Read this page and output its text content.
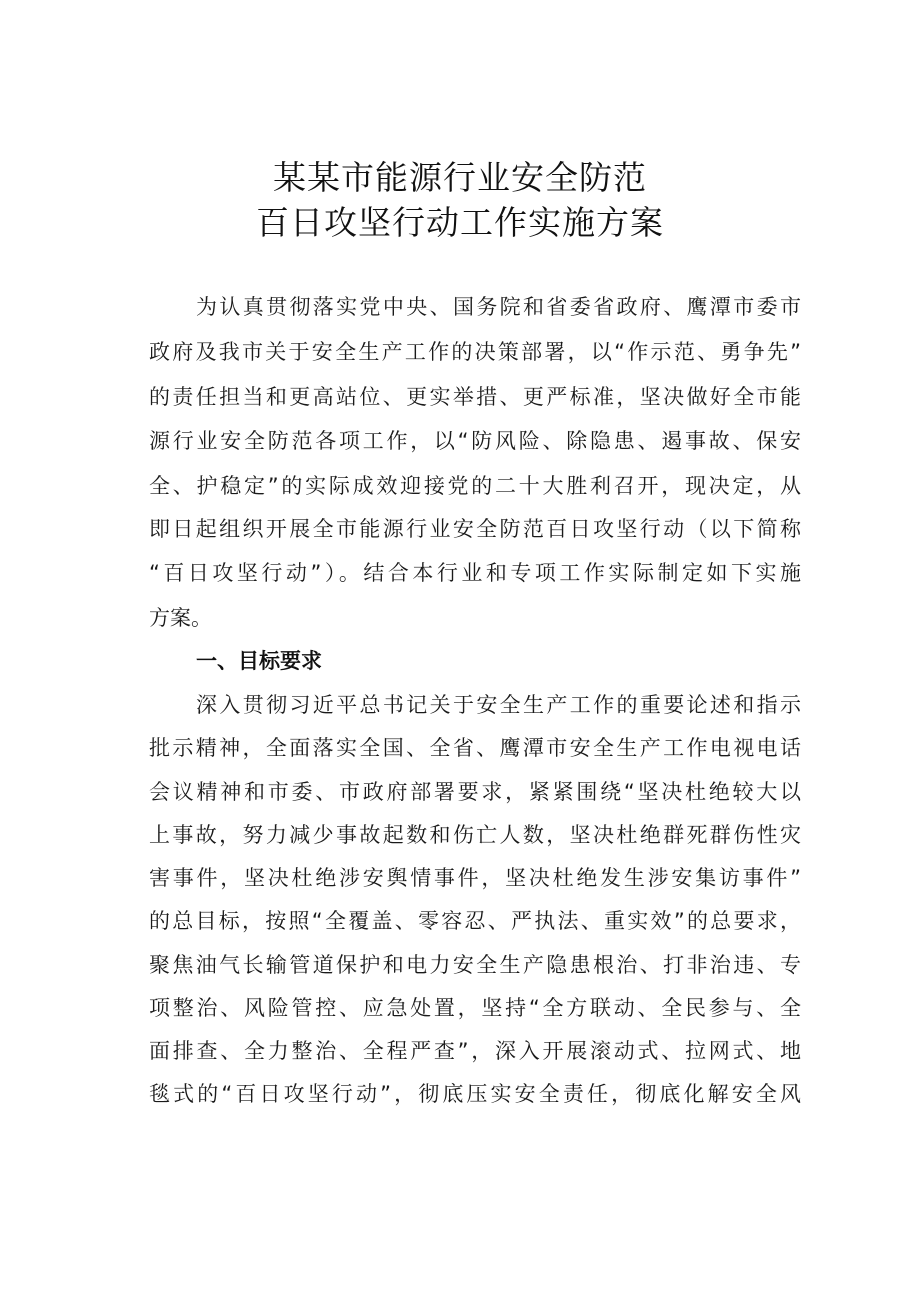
某某市能源行业安全防范
百日攻坚行动工作实施方案
为认真贯彻落实党中央、国务院和省委省政府、鹰潭市委市
政府及我市关于安全生产工作的决策部署，以“作示范、勇争先”
的责任担当和更高站位、更实举措、更严标准，坚决做好全市能
源行业安全防范各项工作，以“防风险、除隐患、遏事故、保安
全、护稳定”的实际成效迎接党的二十大胜利召开，现决定，从
即日起组织开展全市能源行业安全防范百日攻坚行动（以下简称
“百日攻坚行动”）。结合本行业和专项工作实际制定如下实施
方案。
一、目标要求
深入贯彻习近平总书记关于安全生产工作的重要论述和指示
批示精神，全面落实全国、全省、鹰潭市安全生产工作电视电话
会议精神和市委、市政府部署要求，紧紧围绕“坚决杜绝较大以
上事故，努力减少事故起数和伤亡人数，坚决杜绝群死群伤性灾
害事件，坚决杜绝涉安舆情事件，坚决杜绝发生涉安集访事件”
的总目标，按照“全覆盖、零容忍、严执法、重实效”的总要求，
聚焦油气长输管道保护和电力安全生产隐患根治、打非治违、专
项整治、风险管控、应急处置，坚持“全方联动、全民参与、全
面排查、全力整治、全程严查”，深入开展滚动式、拉网式、地
毯式的“百日攻坚行动”，彻底压实安全责任，彻底化解安全风
